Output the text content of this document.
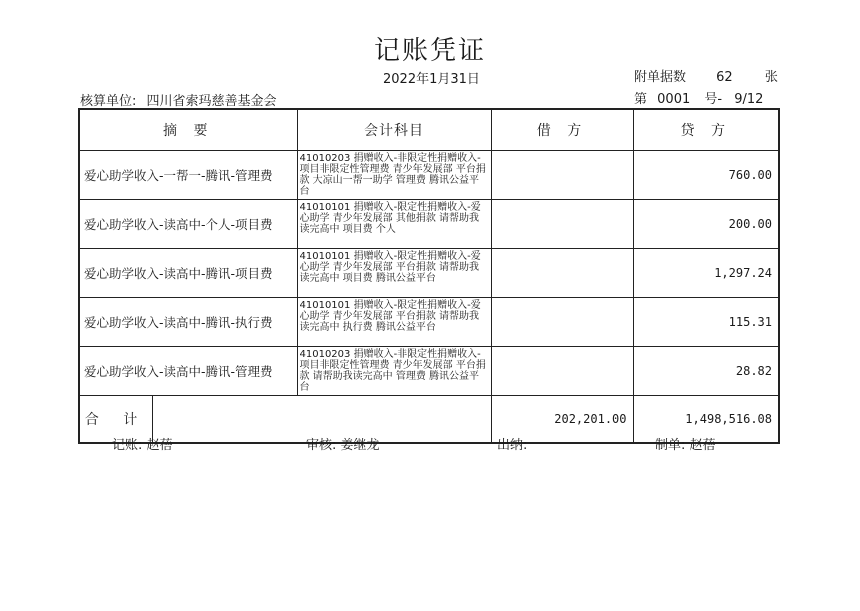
记账凭证
2022年1月31日	附单据数 62 张
核算单位: 四川省索玛慈善基金会	第 0001 号- 9/12
摘 要	会计科目	借 方	贷 方
爱心助学收入-一帮一-腾讯-管理费	41010203 捐赠收入-非限定性捐赠收入-项目非限定性管理费 青少年发展部 平台捐款 大凉山一帮一助学 管理费 腾讯公益平台		760.00
爱心助学收入-读高中-个人-项目费	41010101 捐赠收入-限定性捐赠收入-爱心助学 青少年发展部 其他捐款 请帮助我读完高中 项目费 个人		200.00
爱心助学收入-读高中-腾讯-项目费	41010101 捐赠收入-限定性捐赠收入-爱心助学 青少年发展部 平台捐款 请帮助我读完高中 项目费 腾讯公益平台		1,297.24
爱心助学收入-读高中-腾讯-执行费	41010101 捐赠收入-限定性捐赠收入-爱心助学 青少年发展部 平台捐款 请帮助我读完高中 执行费 腾讯公益平台		115.31
爱心助学收入-读高中-腾讯-管理费	41010203 捐赠收入-非限定性捐赠收入-项目非限定性管理费 青少年发展部 平台捐款 请帮助我读完高中 管理费 腾讯公益平台		28.82

合 计		202,201.00	1,498,516.08
记账: 赵蓓	审核: 姜继龙	出纳:	制单: 赵蓓
